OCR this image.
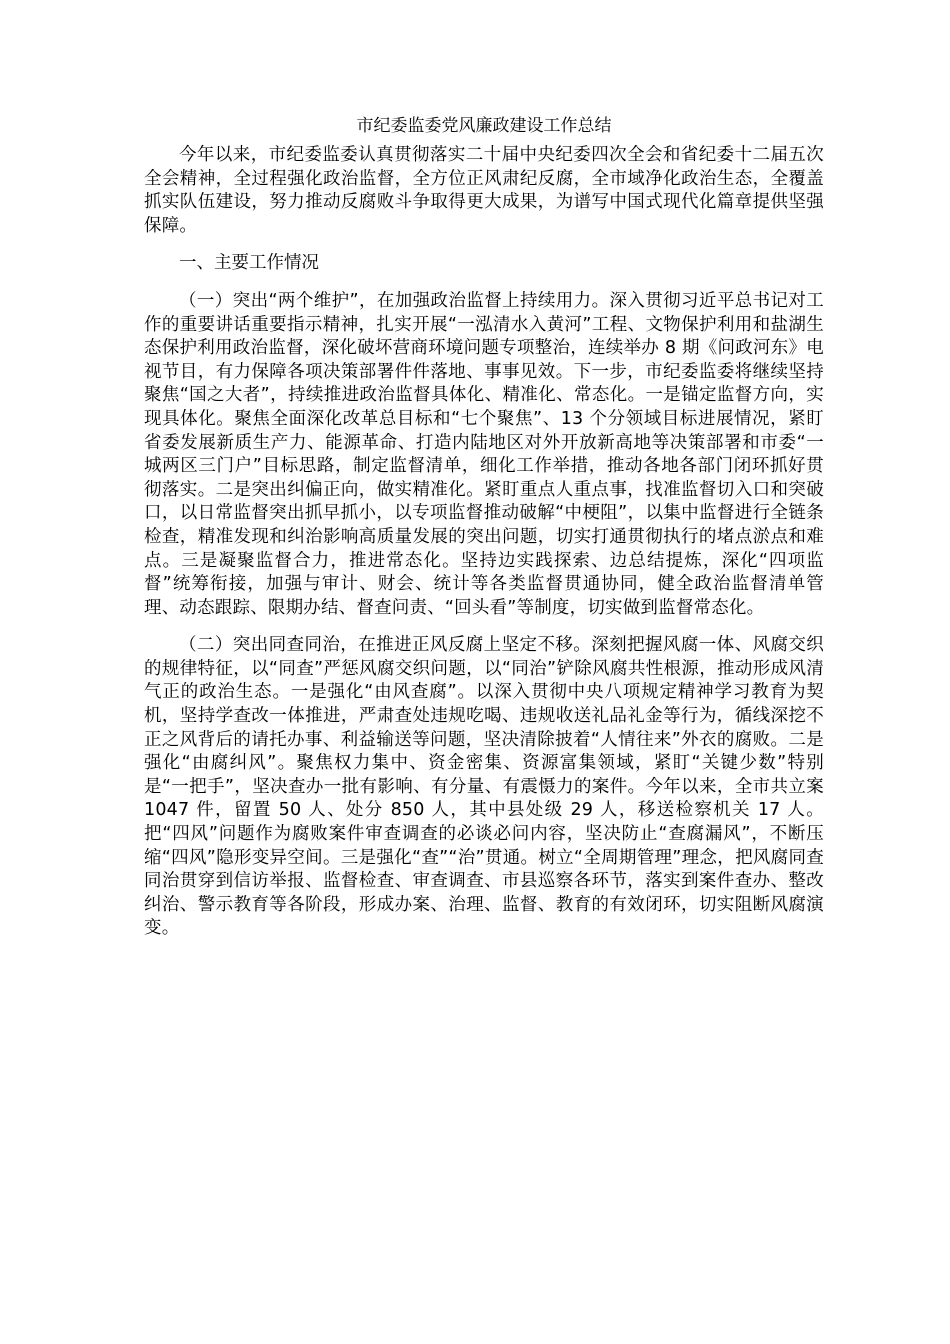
市纪委监委党风廉政建设工作总结

今年以来，市纪委监委认真贯彻落实二十届中央纪委四次全会和省纪委十二届五次全会精神，全过程强化政治监督，全方位正风肃纪反腐，全市域净化政治生态，全覆盖抓实队伍建设，努力推动反腐败斗争取得更大成果，为谱写中国式现代化篇章提供坚强保障。

一、主要工作情况

（一）突出“两个维护”，在加强政治监督上持续用力。深入贯彻习近平总书记对工作的重要讲话重要指示精神，扎实开展“一泓清水入黄河”工程、文物保护利用和盐湖生态保护利用政治监督，深化破坏营商环境问题专项整治，连续举办 8 期《问政河东》电视节目，有力保障各项决策部署件件落地、事事见效。下一步，市纪委监委将继续坚持聚焦“国之大者”，持续推进政治监督具体化、精准化、常态化。一是锚定监督方向，实现具体化。聚焦全面深化改革总目标和“七个聚焦”、13 个分领域目标进展情况，紧盯省委发展新质生产力、能源革命、打造内陆地区对外开放新高地等决策部署和市委“一城两区三门户”目标思路，制定监督清单，细化工作举措，推动各地各部门闭环抓好贯彻落实。二是突出纠偏正向，做实精准化。紧盯重点人重点事，找准监督切入口和突破口，以日常监督突出抓早抓小，以专项监督推动破解“中梗阻”，以集中监督进行全链条检查，精准发现和纠治影响高质量发展的突出问题，切实打通贯彻执行的堵点淤点和难点。三是凝聚监督合力，推进常态化。坚持边实践探索、边总结提炼，深化“四项监督”统筹衔接，加强与审计、财会、统计等各类监督贯通协同，健全政治监督清单管理、动态跟踪、限期办结、督查问责、“回头看”等制度，切实做到监督常态化。

（二）突出同查同治，在推进正风反腐上坚定不移。深刻把握风腐一体、风腐交织的规律特征，以“同查”严惩风腐交织问题，以“同治”铲除风腐共性根源，推动形成风清气正的政治生态。一是强化“由风查腐”。以深入贯彻中央八项规定精神学习教育为契机，坚持学查改一体推进，严肃查处违规吃喝、违规收送礼品礼金等行为，循线深挖不正之风背后的请托办事、利益输送等问题，坚决清除披着“人情往来”外衣的腐败。二是强化“由腐纠风”。聚焦权力集中、资金密集、资源富集领域，紧盯“关键少数”特别是“一把手”，坚决查办一批有影响、有分量、有震慑力的案件。今年以来，全市共立案 1047 件，留置 50 人、处分 850 人，其中县处级 29 人，移送检察机关 17 人。把“四风”问题作为腐败案件审查调查的必谈必问内容，坚决防止“查腐漏风”，不断压缩“四风”隐形变异空间。三是强化“查”“治”贯通。树立“全周期管理”理念，把风腐同查同治贯穿到信访举报、监督检查、审查调查、市县巡察各环节，落实到案件查办、整改纠治、警示教育等各阶段，形成办案、治理、监督、教育的有效闭环，切实阻断风腐演变。
